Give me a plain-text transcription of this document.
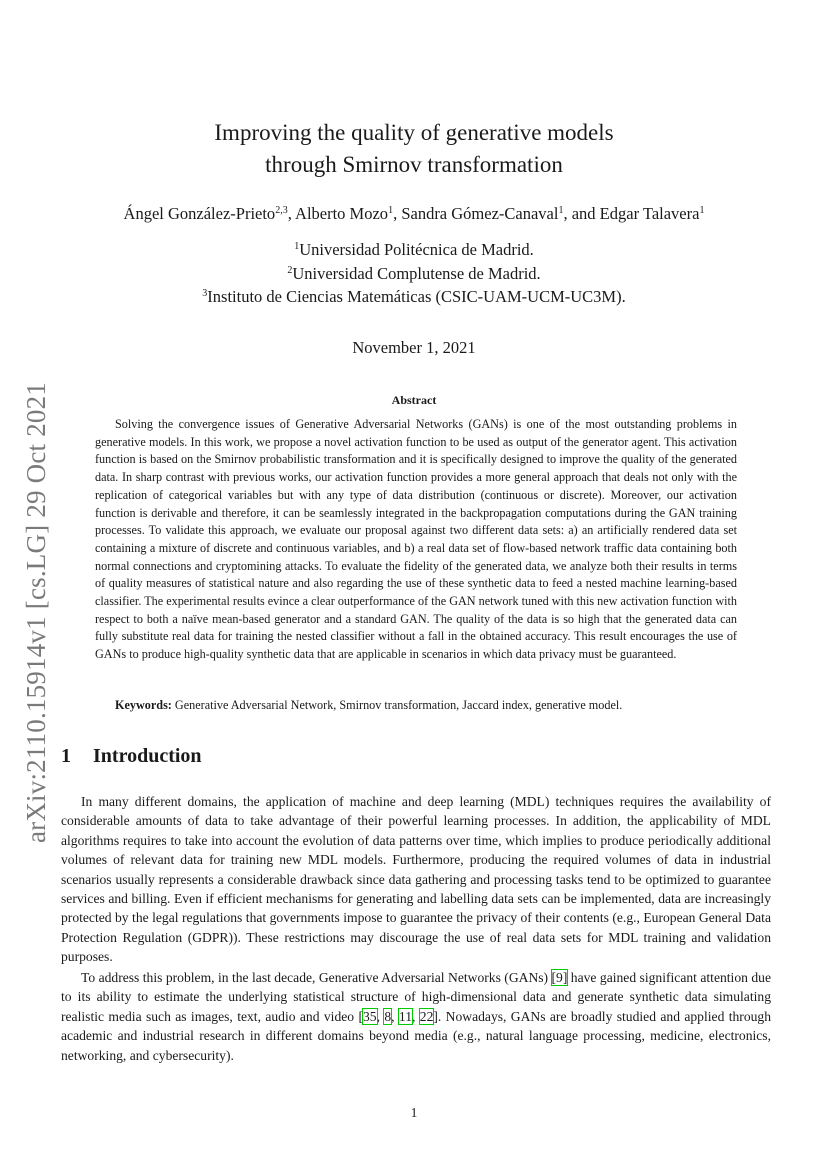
arXiv:2110.15914v1 [cs.LG] 29 Oct 2021
Improving the quality of generative models
through Smirnov transformation
Ángel González-Prieto$^{2,3}$, Alberto Mozo$^1$, Sandra Gómez-Canaval$^1$, and Edgar Talavera$^1$
$^1$Universidad Politécnica de Madrid.
$^2$Universidad Complutense de Madrid.
$^3$Instituto de Ciencias Matemáticas (CSIC-UAM-UCM-UC3M).
November 1, 2021
Abstract

Solving the convergence issues of Generative Adversarial Networks (GANs) is one of the most outstanding problems in generative models. In this work, we propose a novel activation function to be used as output of the generator agent. This activation function is based on the Smirnov probabilistic transformation and it is specifically designed to improve the quality of the generated data. In sharp contrast with previous works, our activation function provides a more general approach that deals not only with the replication of categorical variables but with any type of data distribution (continuous or discrete). Moreover, our activation function is derivable and therefore, it can be seamlessly integrated in the backpropagation computations during the GAN training processes. To validate this approach, we evaluate our proposal against two different data sets: a) an artificially rendered data set containing a mixture of discrete and continuous variables, and b) a real data set of flow-based network traffic data containing both normal connections and cryptomining attacks. To evaluate the fidelity of the generated data, we analyze both their results in terms of quality measures of statistical nature and also regarding the use of these synthetic data to feed a nested machine learning-based classifier. The experimental results evince a clear outperformance of the GAN network tuned with this new activation function with respect to both a naïve mean-based generator and a standard GAN. The quality of the data is so high that the generated data can fully substitute real data for training the nested classifier without a fall in the obtained accuracy. This result encourages the use of GANs to produce high-quality synthetic data that are applicable in scenarios in which data privacy must be guaranteed.

Keywords: Generative Adversarial Network, Smirnov transformation, Jaccard index, generative model.
1 Introduction

In many different domains, the application of machine and deep learning (MDL) techniques requires the availability of considerable amounts of data to take advantage of their powerful learning processes. In addition, the applicability of MDL algorithms requires to take into account the evolution of data patterns over time, which implies to produce periodically additional volumes of relevant data for training new MDL models. Furthermore, producing the required volumes of data in industrial scenarios usually represents a considerable drawback since data gathering and processing tasks tend to be optimized to guarantee services and billing. Even if efficient mechanisms for generating and labelling data sets can be implemented, data are increasingly protected by the legal regulations that governments impose to guarantee the privacy of their contents (e.g., European General Data Protection Regulation (GDPR)). These restrictions may discourage the use of real data sets for MDL training and validation purposes.

To address this problem, in the last decade, Generative Adversarial Networks (GANs) [9] have gained significant attention due to its ability to estimate the underlying statistical structure of high-dimensional data and generate synthetic data simulating realistic media such as images, text, audio and video [35, 8, 11, 22]. Nowadays, GANs are broadly studied and applied through academic and industrial research in different domains beyond media (e.g., natural language processing, medicine, electronics, networking, and cybersecurity).

1
